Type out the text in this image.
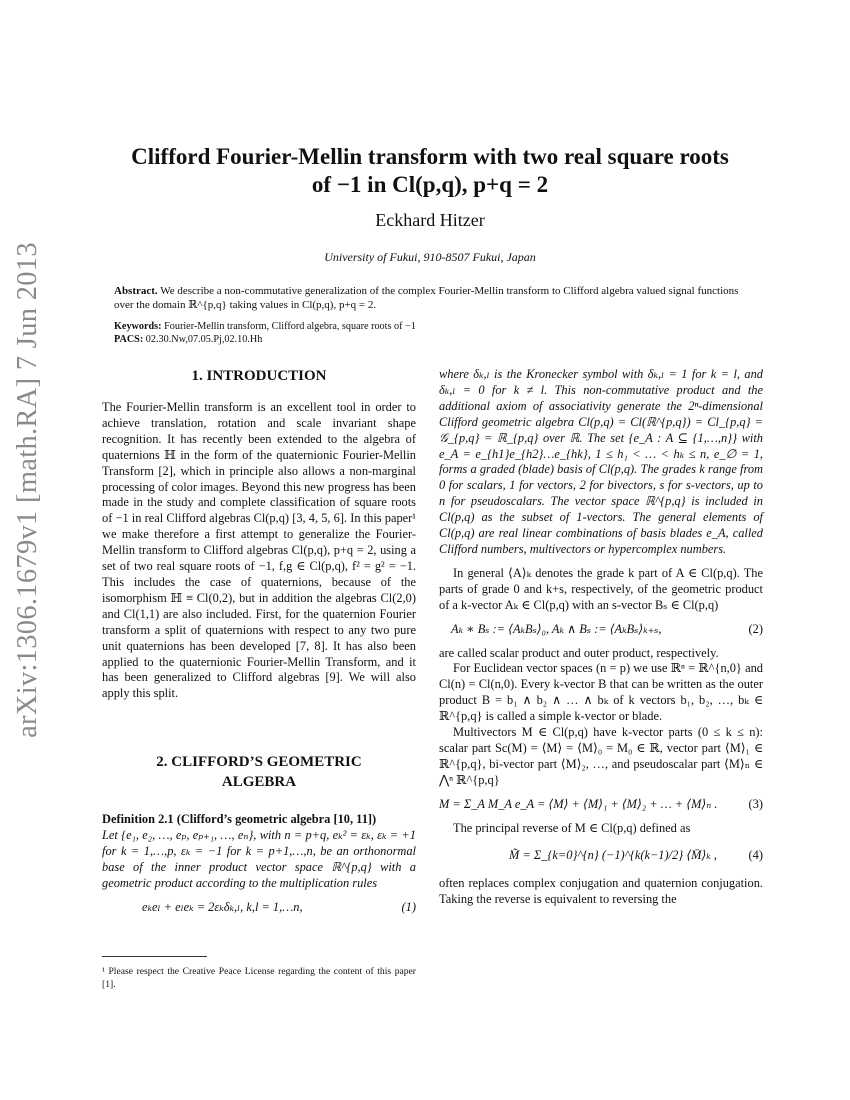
arXiv:1306.1679v1 [math.RA] 7 Jun 2013
Clifford Fourier-Mellin transform with two real square roots
of −1 in Cl(p,q), p+q = 2
Eckhard Hitzer
University of Fukui, 910-8507 Fukui, Japan
Abstract. We describe a non-commutative generalization of the complex Fourier-Mellin transform to Clifford algebra valued signal functions over the domain ℝ^{p,q} taking values in Cl(p,q), p+q = 2.
Keywords: Fourier-Mellin transform, Clifford algebra, square roots of −1
PACS: 02.30.Nw,07.05.Pj,02.10.Hh
1. INTRODUCTION

The Fourier-Mellin transform is an excellent tool in order to achieve translation, rotation and scale invariant shape recognition. It has recently been extended to the algebra of quaternions ℍ in the form of the quaternionic Fourier-Mellin Transform [2], which in principle also allows a non-marginal processing of color images. Beyond this new progress has been made in the study and complete classification of square roots of −1 in real Clifford algebras Cl(p,q) [3, 4, 5, 6]. In this paper¹ we make therefore a first attempt to generalize the Fourier-Mellin transform to Clifford algebras Cl(p,q), p+q = 2, using a set of two real square roots of −1, f,g ∈ Cl(p,q), f² = g² = −1. This includes the case of quaternions, because of the isomorphism ℍ ≡ Cl(0,2), but in addition the algebras Cl(2,0) and Cl(1,1) are also included. First, for the quaternion Fourier transform a split of quaternions with respect to any two pure unit quaternions has been developed [7, 8]. It has also been applied to the quaternionic Fourier-Mellin Transform, and it has been generalized to Clifford algebras [9]. We will also apply this split.

2. CLIFFORD’S GEOMETRIC
ALGEBRA

Definition 2.1 (Clifford’s geometric algebra [10, 11])

Let {e₁, e₂, …, eₚ, eₚ₊₁, …, eₙ}, with n = p+q, eₖ² = εₖ, εₖ = +1 for k = 1,…,p, εₖ = −1 for k = p+1,…,n, be an orthonormal base of the inner product vector space ℝ^{p,q} with a geometric product according to the multiplication rules

eₖeₗ + eₗeₖ = 2εₖδₖ,ₗ, k,l = 1,…n,	(1)
¹ Please respect the Creative Peace License regarding the content of this paper [1].

where δₖ,ₗ is the Kronecker symbol with δₖ,ₗ = 1 for k = l, and δₖ,ₗ = 0 for k ≠ l. This non-commutative product and the additional axiom of associativity generate the 2ⁿ-dimensional Clifford geometric algebra Cl(p,q) = Cl(ℝ^{p,q}) = Cl_{p,q} = 𝒢_{p,q} = ℝ_{p,q} over ℝ. The set {e_A : A ⊆ {1,…,n}} with e_A = e_{h1}e_{h2}…e_{hk}, 1 ≤ h₁ < … < hₖ ≤ n, e_∅ = 1, forms a graded (blade) basis of Cl(p,q). The grades k range from 0 for scalars, 1 for vectors, 2 for bivectors, s for s-vectors, up to n for pseudoscalars. The vector space ℝ^{p,q} is included in Cl(p,q) as the subset of 1-vectors. The general elements of Cl(p,q) are real linear combinations of basis blades e_A, called Clifford numbers, multivectors or hypercomplex numbers.

In general ⟨A⟩ₖ denotes the grade k part of A ∈ Cl(p,q). The parts of grade 0 and k+s, respectively, of the geometric product of a k-vector Aₖ ∈ Cl(p,q) with an s-vector Bₛ ∈ Cl(p,q)

Aₖ ∗ Bₛ := ⟨AₖBₛ⟩₀, Aₖ ∧ Bₛ := ⟨AₖBₛ⟩ₖ₊ₛ,	(2)

are called scalar product and outer product, respectively.

For Euclidean vector spaces (n = p) we use ℝⁿ = ℝ^{n,0} and Cl(n) = Cl(n,0). Every k-vector B that can be written as the outer product B = b₁ ∧ b₂ ∧ … ∧ bₖ of k vectors b₁, b₂, …, bₖ ∈ ℝ^{p,q} is called a simple k-vector or blade.

Multivectors M ∈ Cl(p,q) have k-vector parts (0 ≤ k ≤ n): scalar part Sc(M) = ⟨M⟩ = ⟨M⟩₀ = M₀ ∈ ℝ, vector part ⟨M⟩₁ ∈ ℝ^{p,q}, bi-vector part ⟨M⟩₂, …, and pseudoscalar part ⟨M⟩ₙ ∈ ⋀ⁿ ℝ^{p,q}

M = Σ_A M_A e_A = ⟨M⟩ + ⟨M⟩₁ + ⟨M⟩₂ + … + ⟨M⟩ₙ .	(3)

The principal reverse of M ∈ Cl(p,q) defined as

M̃ = Σ_{k=0}^{n} (−1)^{k(k−1)/2} ⟨M̄⟩ₖ ,	(4)

often replaces complex conjugation and quaternion conjugation. Taking the reverse is equivalent to reversing the
